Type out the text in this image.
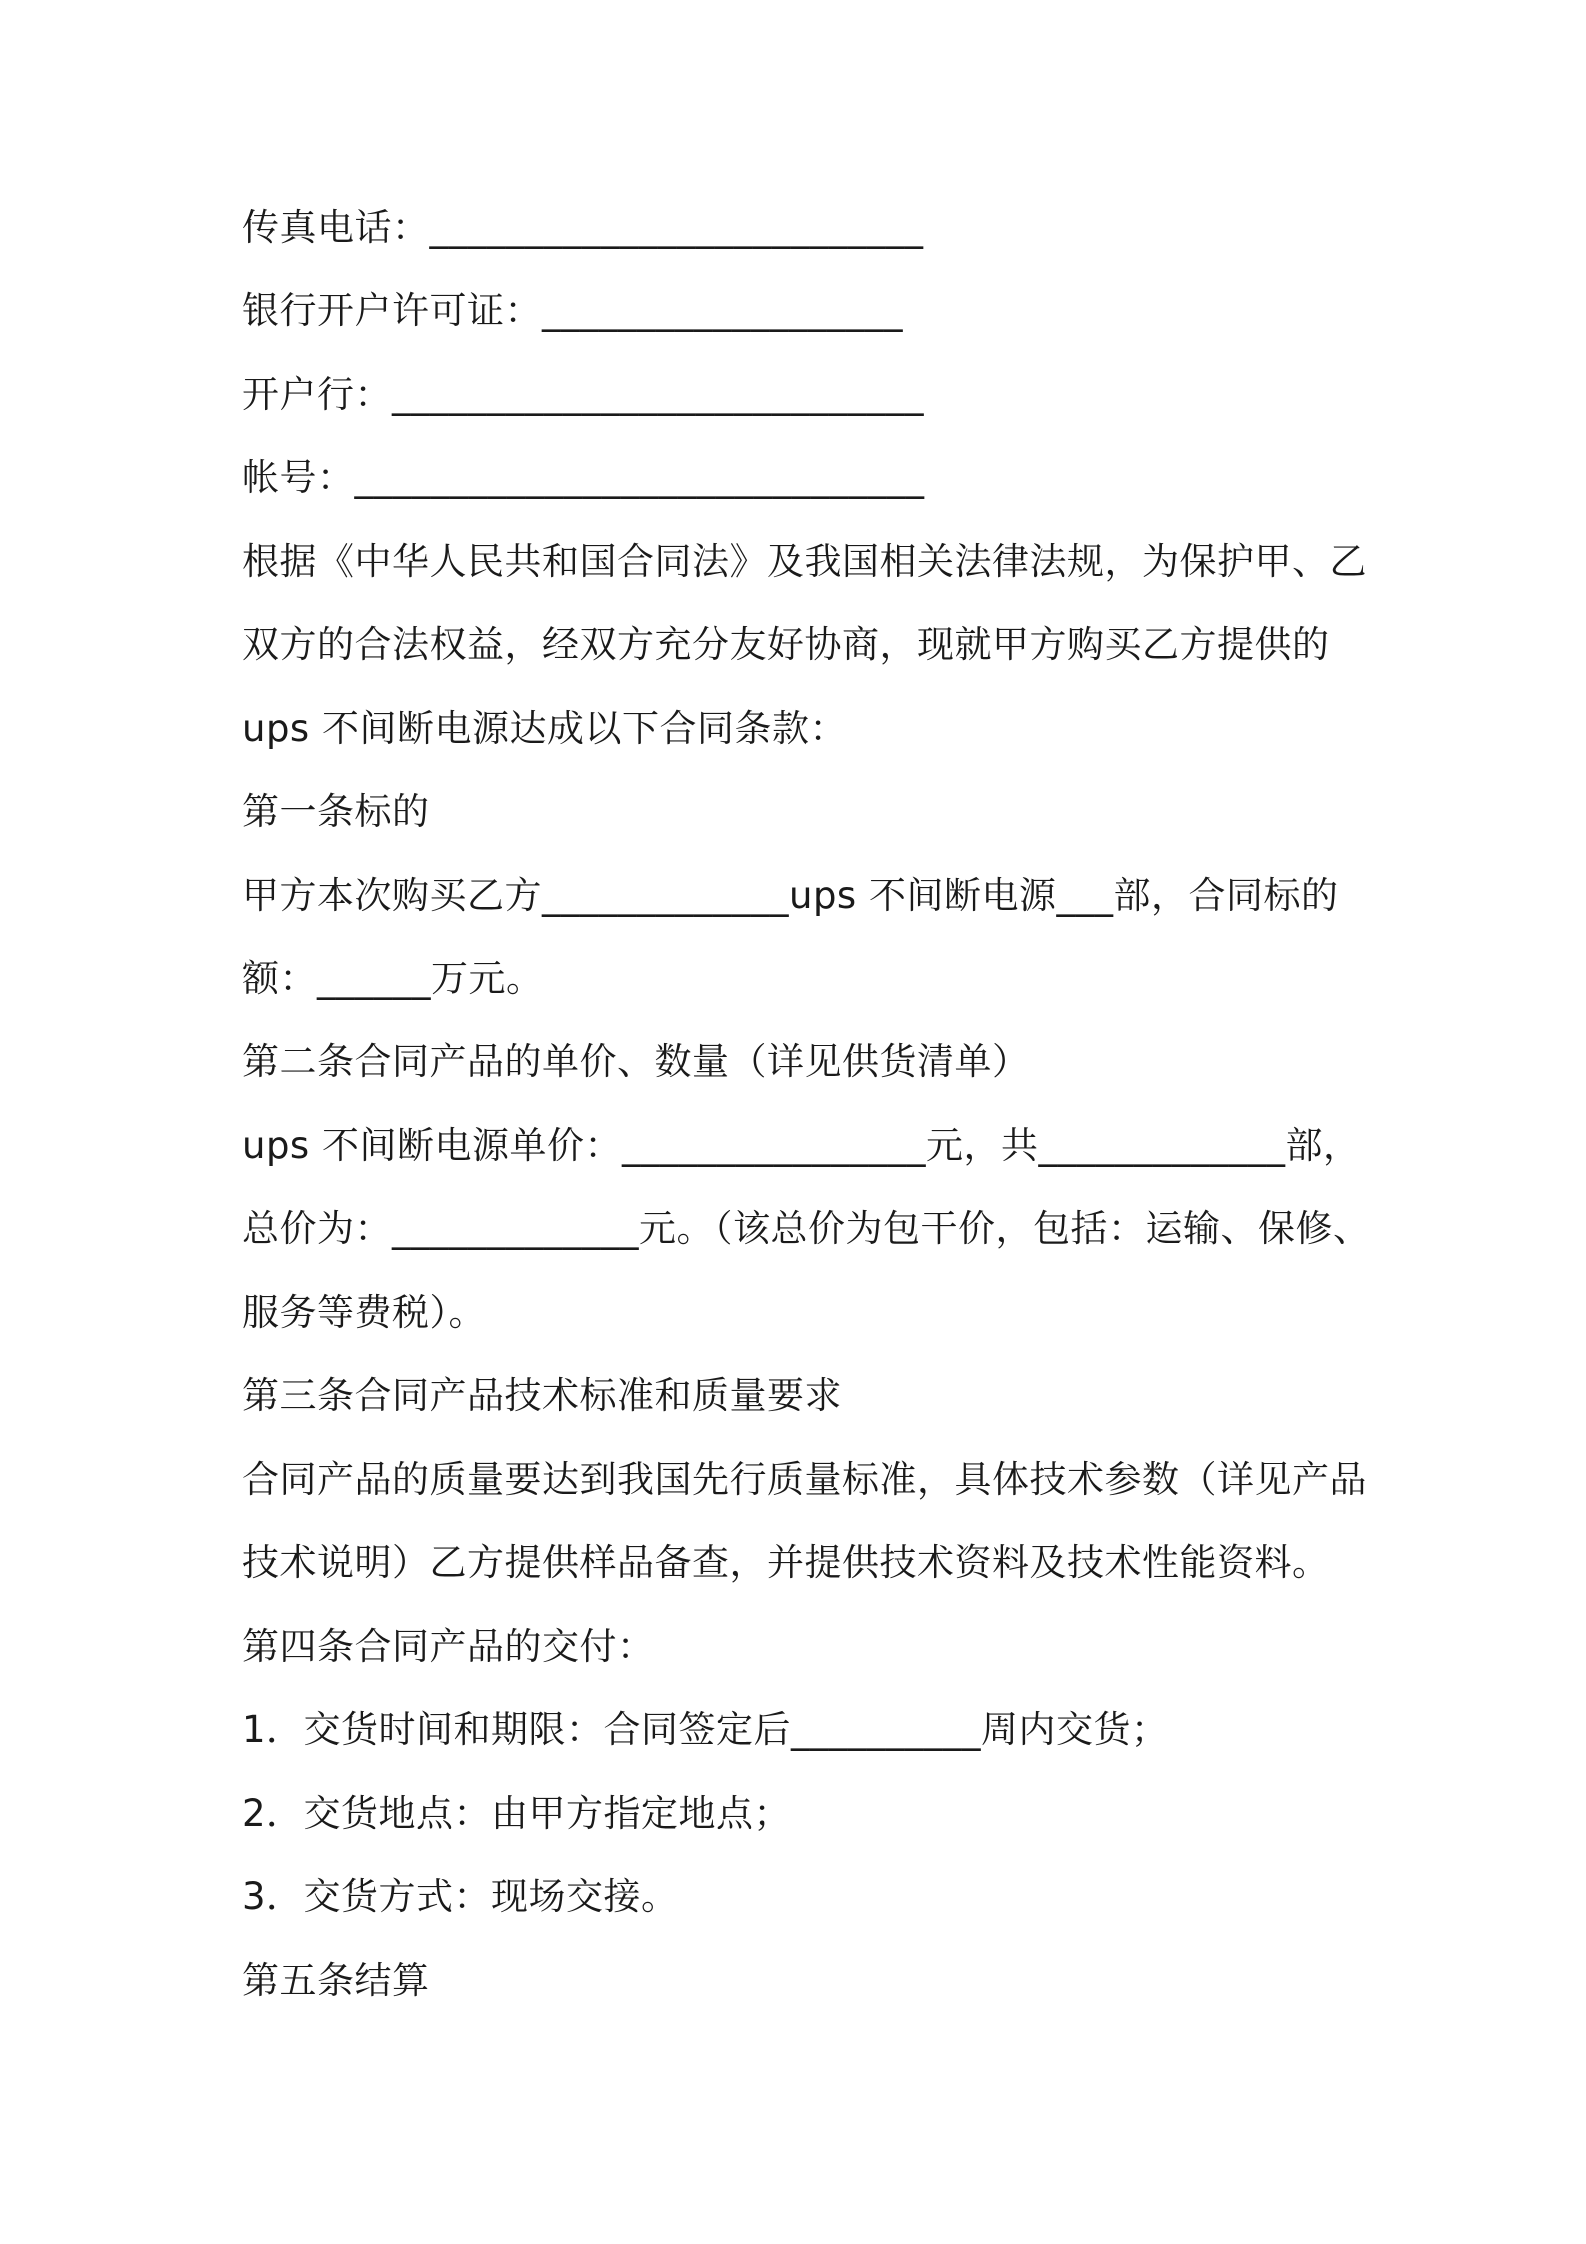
传真电话：__________________________
银行开户许可证：___________________
开户行：____________________________
帐号：______________________________
根据《中华人民共和国合同法》及我国相关法律法规，为保护甲、乙
双方的合法权益，经双方充分友好协商，现就甲方购买乙方提供的
ups 不间断电源达成以下合同条款：
第一条标的
甲方本次购买乙方_____________ups 不间断电源___部，合同标的
额：______万元。
第二条合同产品的单价、数量（详见供货清单）
ups 不间断电源单价：________________元，共_____________部，
总价为：_____________元。（该总价为包干价，包括：运输、保修、
服务等费税）。
第三条合同产品技术标准和质量要求
合同产品的质量要达到我国先行质量标准，具体技术参数（详见产品
技术说明）乙方提供样品备查，并提供技术资料及技术性能资料。
第四条合同产品的交付：
1．交货时间和期限：合同签定后__________周内交货；
2．交货地点：由甲方指定地点；
3．交货方式：现场交接。
第五条结算
